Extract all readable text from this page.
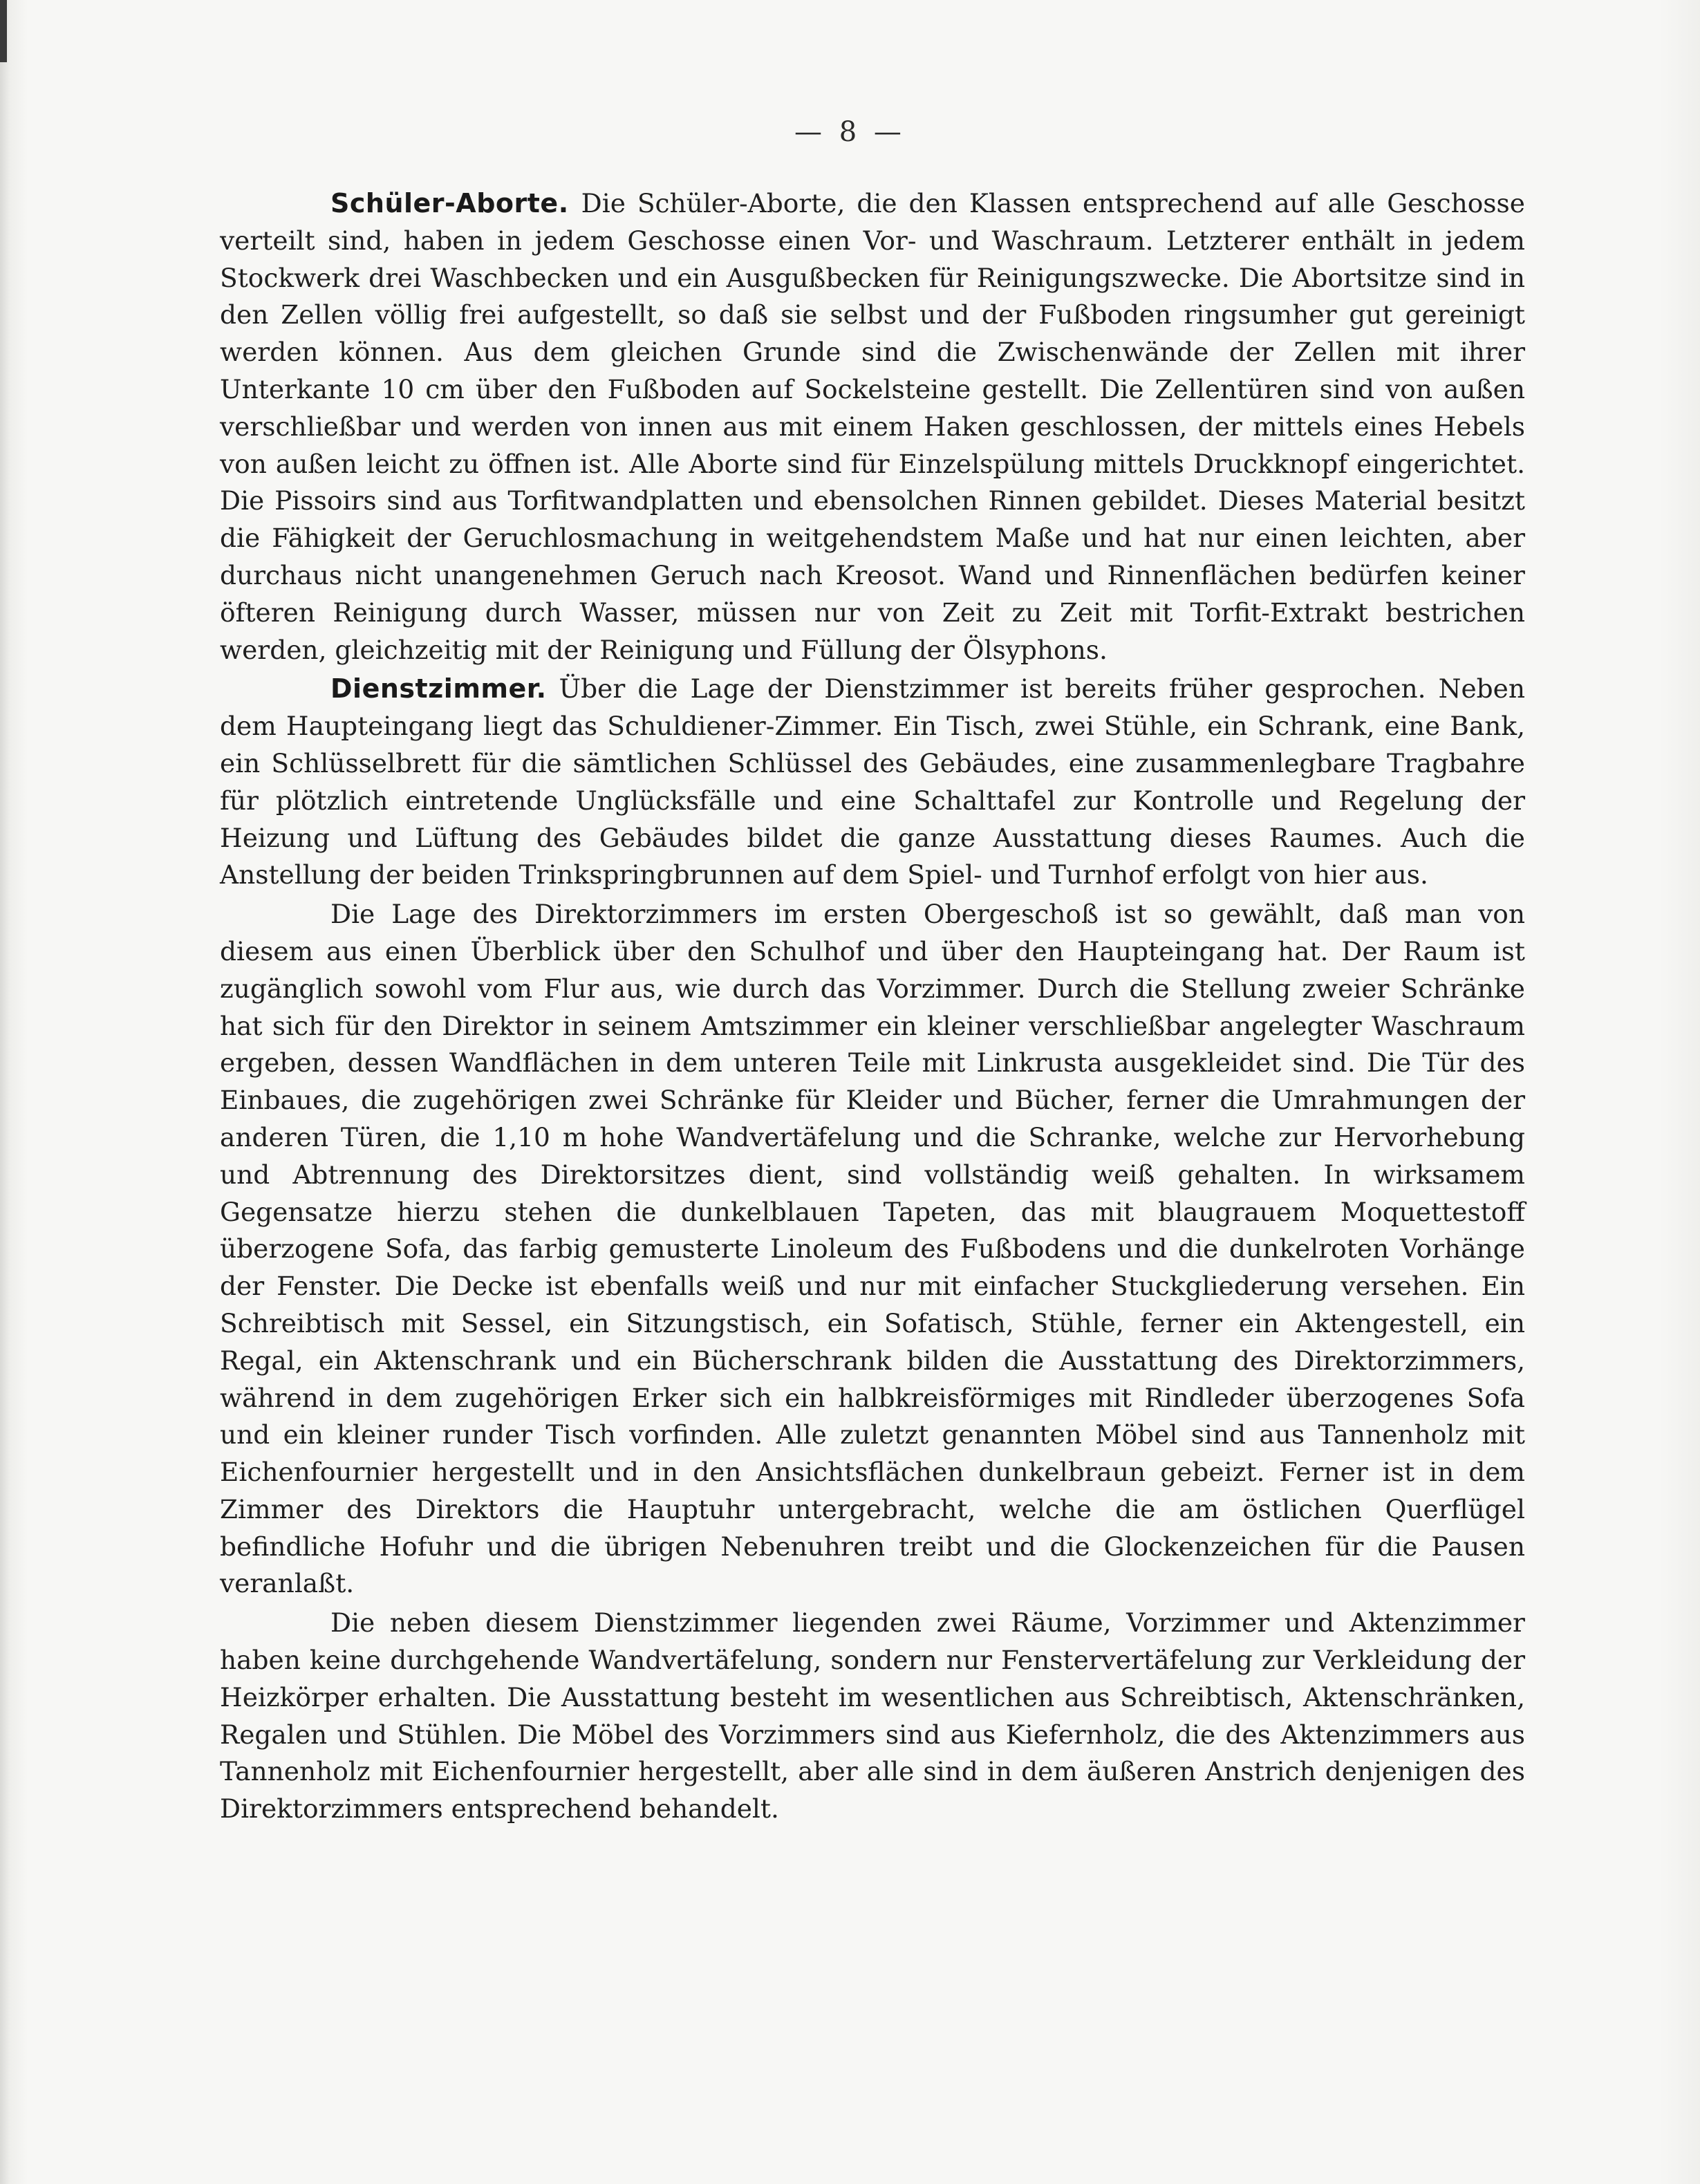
— 8 —

Schüler-Aborte. Die Schüler-Aborte, die den Klassen entsprechend auf alle Geschosse verteilt sind, haben in jedem Geschosse einen Vor- und Waschraum. Letzterer enthält in jedem Stockwerk drei Waschbecken und ein Ausgußbecken für Reinigungszwecke. Die Abortsitze sind in den Zellen völlig frei aufgestellt, so daß sie selbst und der Fußboden ringsumher gut gereinigt werden können. Aus dem gleichen Grunde sind die Zwischenwände der Zellen mit ihrer Unterkante 10 cm über den Fußboden auf Sockelsteine gestellt. Die Zellentüren sind von außen verschließbar und werden von innen aus mit einem Haken geschlossen, der mittels eines Hebels von außen leicht zu öffnen ist. Alle Aborte sind für Einzelspülung mittels Druckknopf eingerichtet. Die Pissoirs sind aus Torfitwandplatten und ebensolchen Rinnen gebildet. Dieses Material besitzt die Fähigkeit der Geruchlosmachung in weitgehendstem Maße und hat nur einen leichten, aber durchaus nicht unangenehmen Geruch nach Kreosot. Wand und Rinnenflächen bedürfen keiner öfteren Reinigung durch Wasser, müssen nur von Zeit zu Zeit mit Torfit-Extrakt bestrichen werden, gleichzeitig mit der Reinigung und Füllung der Ölsyphons.

Dienstzimmer. Über die Lage der Dienstzimmer ist bereits früher gesprochen. Neben dem Haupteingang liegt das Schuldiener-Zimmer. Ein Tisch, zwei Stühle, ein Schrank, eine Bank, ein Schlüsselbrett für die sämtlichen Schlüssel des Gebäudes, eine zusammenlegbare Tragbahre für plötzlich eintretende Unglücksfälle und eine Schalttafel zur Kontrolle und Regelung der Heizung und Lüftung des Gebäudes bildet die ganze Ausstattung dieses Raumes. Auch die Anstellung der beiden Trinkspringbrunnen auf dem Spiel- und Turnhof erfolgt von hier aus.

Die Lage des Direktorzimmers im ersten Obergeschoß ist so gewählt, daß man von diesem aus einen Überblick über den Schulhof und über den Haupteingang hat. Der Raum ist zugänglich sowohl vom Flur aus, wie durch das Vorzimmer. Durch die Stellung zweier Schränke hat sich für den Direktor in seinem Amtszimmer ein kleiner verschließbar angelegter Waschraum ergeben, dessen Wandflächen in dem unteren Teile mit Linkrusta ausgekleidet sind. Die Tür des Einbaues, die zugehörigen zwei Schränke für Kleider und Bücher, ferner die Umrahmungen der anderen Türen, die 1,10 m hohe Wandvertäfelung und die Schranke, welche zur Hervorhebung und Abtrennung des Direktorsitzes dient, sind vollständig weiß gehalten. In wirksamem Gegensatze hierzu stehen die dunkelblauen Tapeten, das mit blaugrauem Moquettestoff überzogene Sofa, das farbig gemusterte Linoleum des Fußbodens und die dunkelroten Vorhänge der Fenster. Die Decke ist ebenfalls weiß und nur mit einfacher Stuckgliederung versehen. Ein Schreibtisch mit Sessel, ein Sitzungstisch, ein Sofatisch, Stühle, ferner ein Aktengestell, ein Regal, ein Aktenschrank und ein Bücherschrank bilden die Ausstattung des Direktorzimmers, während in dem zugehörigen Erker sich ein halbkreisförmiges mit Rindleder überzogenes Sofa und ein kleiner runder Tisch vorfinden. Alle zuletzt genannten Möbel sind aus Tannenholz mit Eichenfournier hergestellt und in den Ansichtsflächen dunkelbraun gebeizt. Ferner ist in dem Zimmer des Direktors die Hauptuhr untergebracht, welche die am östlichen Querflügel befindliche Hofuhr und die übrigen Nebenuhren treibt und die Glockenzeichen für die Pausen veranlaßt.

Die neben diesem Dienstzimmer liegenden zwei Räume, Vorzimmer und Aktenzimmer haben keine durchgehende Wandvertäfelung, sondern nur Fenstervertäfelung zur Verkleidung der Heizkörper erhalten. Die Ausstattung besteht im wesentlichen aus Schreibtisch, Aktenschränken, Regalen und Stühlen. Die Möbel des Vorzimmers sind aus Kiefernholz, die des Aktenzimmers aus Tannenholz mit Eichenfournier hergestellt, aber alle sind in dem äußeren Anstrich denjenigen des Direktorzimmers entsprechend behandelt.
